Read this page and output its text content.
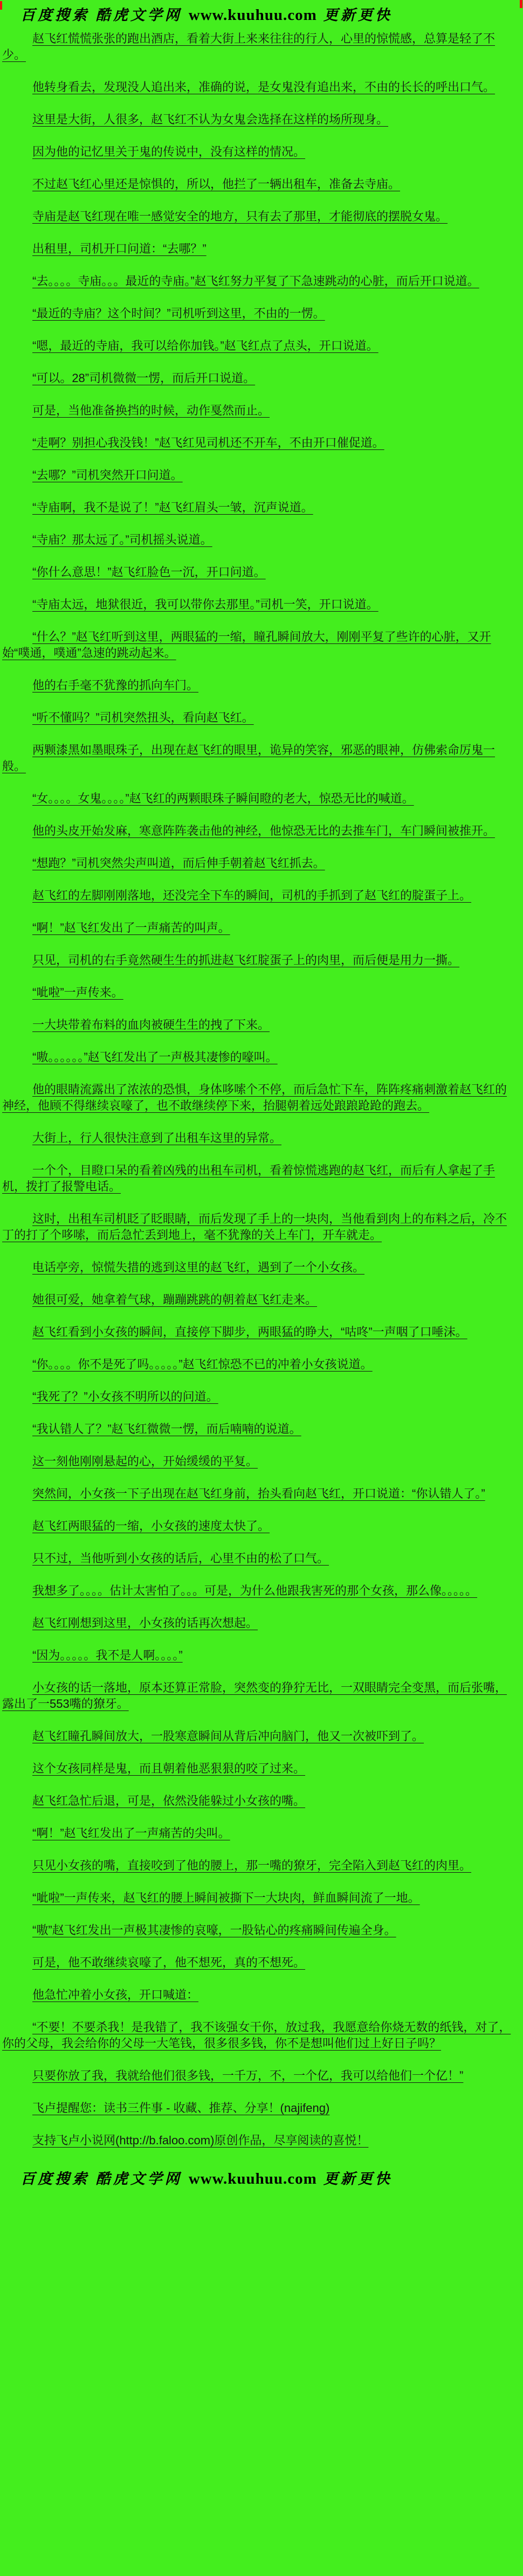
百度搜索 酷虎文学网 www.kuuhuu.com 更新更快

赵飞红慌慌张张的跑出酒店，看着大街上来来往往的行人，心里的惊慌感，总算是轻了不少。

他转身看去，发现没人追出来，准确的说，是女鬼没有追出来，不由的长长的呼出口气。

这里是大街，人很多，赵飞红不认为女鬼会选择在这样的场所现身。

因为他的记忆里关于鬼的传说中，没有这样的情况。

不过赵飞红心里还是惊惧的，所以，他拦了一辆出租车，准备去寺庙。

寺庙是赵飞红现在唯一感觉安全的地方，只有去了那里，才能彻底的摆脱女鬼。

出租里，司机开口问道：“去哪？”

“去。。。。寺庙。。。最近的寺庙。”赵飞红努力平复了下急速跳动的心脏，而后开口说道。

“最近的寺庙？这个时间？”司机听到这里，不由的一愣。

“嗯，最近的寺庙，我可以给你加钱。”赵飞红点了点头，开口说道。

“可以。28”司机微微一愣，而后开口说道。

可是，当他准备换挡的时候，动作戛然而止。

“走啊？别担心我没钱！”赵飞红见司机还不开车，不由开口催促道。

“去哪？”司机突然开口问道。

“寺庙啊，我不是说了！”赵飞红眉头一皱，沉声说道。

“寺庙？那太远了。”司机摇头说道。

“你什么意思！”赵飞红脸色一沉，开口问道。

“寺庙太远，地狱很近，我可以带你去那里。”司机一笑，开口说道。

“什么？”赵飞红听到这里，两眼猛的一缩，瞳孔瞬间放大，刚刚平复了些许的心脏，又开始“噗通，噗通”急速的跳动起来。

他的右手毫不犹豫的抓向车门。

“听不懂吗？”司机突然扭头，看向赵飞红。

两颗漆黑如墨眼珠子，出现在赵飞红的眼里，诡异的笑容，邪恶的眼神，仿佛索命厉鬼一般。

“女。。。。女鬼。。。。”赵飞红的两颗眼珠子瞬间瞪的老大，惊恐无比的喊道。

他的头皮开始发麻，寒意阵阵袭击他的神经，他惊恐无比的去推车门，车门瞬间被推开。

“想跑？”司机突然尖声叫道，而后伸手朝着赵飞红抓去。

赵飞红的左脚刚刚落地，还没完全下车的瞬间，司机的手抓到了赵飞红的腚蛋子上。

“啊！”赵飞红发出了一声痛苦的叫声。

只见，司机的右手竟然硬生生的抓进赵飞红腚蛋子上的肉里，而后便是用力一撕。

“呲啦”一声传来。

一大块带着布料的血肉被硬生生的拽了下来。

“嗷。。。。。。”赵飞红发出了一声极其凄惨的嚎叫。

他的眼睛流露出了浓浓的恐惧，身体哆嗦个不停，而后急忙下车，阵阵疼痛刺激着赵飞红的神经，他顾不得继续哀嚎了，也不敢继续停下来，抬腿朝着远处踉踉跄跄的跑去。

大街上，行人很快注意到了出租车这里的异常。

一个个，目瞪口呆的看着凶残的出租车司机，看着惊慌逃跑的赵飞红，而后有人拿起了手机，拨打了报警电话。

这时，出租车司机眨了眨眼睛，而后发现了手上的一块肉，当他看到肉上的布料之后，冷不丁的打了个哆嗦，而后急忙丢到地上，毫不犹豫的关上车门，开车就走。

电话亭旁，惊慌失措的逃到这里的赵飞红，遇到了一个小女孩。

她很可爱，她拿着气球，蹦蹦跳跳的朝着赵飞红走来。

赵飞红看到小女孩的瞬间，直接停下脚步，两眼猛的睁大，“咕咚”一声咽了口唾沫。

“你。。。。你不是死了吗。。。。。”赵飞红惊恐不已的冲着小女孩说道。

“我死了？”小女孩不明所以的问道。

“我认错人了？”赵飞红微微一愣，而后喃喃的说道。

这一刻他刚刚悬起的心，开始缓缓的平复。

突然间，小女孩一下子出现在赵飞红身前，抬头看向赵飞红，开口说道：“你认错人了。”

赵飞红两眼猛的一缩，小女孩的速度太快了。

只不过，当他听到小女孩的话后，心里不由的松了口气。

我想多了。。。。估计太害怕了。。。可是，为什么他跟我害死的那个女孩，那么像。。。。。

赵飞红刚想到这里，小女孩的话再次想起。

“因为。。。。。我不是人啊。。。。”

小女孩的话一落地，原本还算正常脸，突然变的狰狞无比，一双眼睛完全变黑，而后张嘴，露出了一553嘴的獠牙。

赵飞红瞳孔瞬间放大，一股寒意瞬间从背后冲向脑门，他又一次被吓到了。

这个女孩同样是鬼，而且朝着他恶狠狠的咬了过来。

赵飞红急忙后退，可是，依然没能躲过小女孩的嘴。

“啊！”赵飞红发出了一声痛苦的尖叫。

只见小女孩的嘴，直接咬到了他的腰上，那一嘴的獠牙，完全陷入到赵飞红的肉里。

“呲啦”一声传来，赵飞红的腰上瞬间被撕下一大块肉，鲜血瞬间流了一地。

“嗷”赵飞红发出一声极其凄惨的哀嚎，一股钻心的疼痛瞬间传遍全身。

可是，他不敢继续哀嚎了，他不想死，真的不想死。

他急忙冲着小女孩，开口喊道：

“不要！不要杀我！是我错了，我不该强女干你，放过我，我愿意给你烧无数的纸钱，对了，你的父母，我会给你的父母一大笔钱，很多很多钱，你不是想叫他们过上好日子吗？

只要你放了我，我就给他们很多钱，一千万，不，一个亿，我可以给他们一个亿！”

飞卢提醒您：读书三件事 - 收藏、推荐、分享！(najifeng)

支持飞卢小说网(http://b.faloo.com)原创作品，尽享阅读的喜悦！

百度搜索 酷虎文学网 www.kuuhuu.com 更新更快
